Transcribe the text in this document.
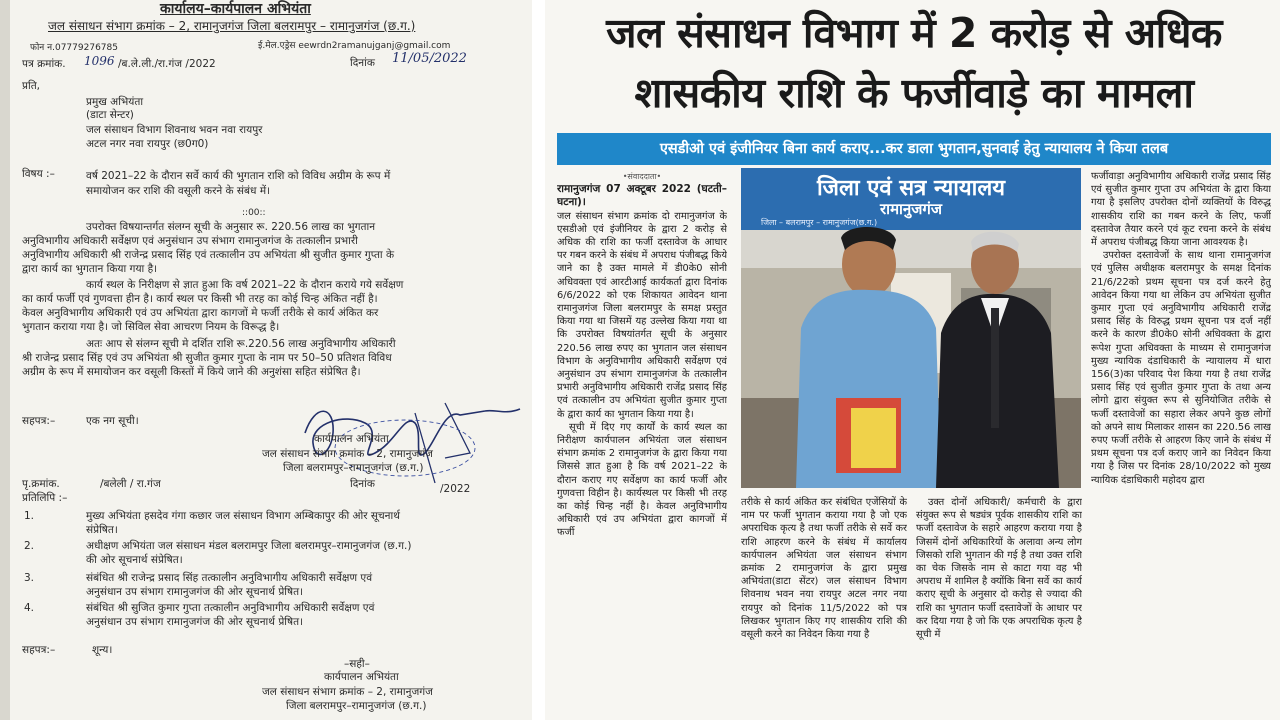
कार्यालय–कार्यपालन अभियंता
जल संसाधन संभाग क्रमांक – 2, रामानुजगंज जिला बलरामपुर – रामानुजगंज (छ.ग.)
फोन न.07779276785	ई.मेल.एड्रेस eewrdn2ramanujganj@gmail.com
पत्र क्रमांक. 1096 /ब.ले.ली./रा.गंज /2022	दिनांक 11/05/2022
प्रति,
प्रमुख अभियंता
(डाटा सेन्टर)
जल संसाधन विभाग शिवनाथ भवन नवा रायपुर
अटल नगर नवा रायपुर (छ0ग0)
विषय :–	वर्ष 2021–22 के दौरान सर्वे कार्य की भुगतान राशि को विविध अग्रीम के रूप में
समायोजन कर राशि की वसूली करने के संबंध में।
::00::
उपरोक्त विषयान्तर्गत संलग्न सूची के अनुसार रू. 220.56 लाख का भुगतान
अनुविभागीय अधिकारी सर्वेक्षण एवं अनुसंधान उप संभाग रामानुजगंज के तत्कालीन प्रभारी
अनुविभागीय अधिकारी श्री राजेन्द्र प्रसाद सिंह एवं तत्कालीन उप अभियंता श्री सुजीत कुमार गुप्ता के
द्वारा कार्य का भुगतान किया गया है।
कार्य स्थल के निरीक्षण से ज्ञात हुआ कि वर्ष 2021–22 के दौरान कराये गये सर्वेक्षण
का कार्य फर्जी एवं गुणवत्ता हीन है। कार्य स्थल पर किसी भी तरह का कोई चिन्ह अंकित नहीं है।
केवल अनुविभागीय अधिकारी एवं उप अभियंता द्वारा कागजों मे फर्जी तरीके से कार्य अंकित कर
भुगतान कराया गया है। जो सिविल सेवा आचरण नियम के विरूद्ध है।
अतः आप से संलग्न सूची मे दर्शित राशि रू.220.56 लाख अनुविभागीय अधिकारी
श्री राजेन्द्र प्रसाद सिंह एवं उप अभियंता श्री सुजीत कुमार गुप्ता के नाम पर 50–50 प्रतिशत विविध
अग्रीम के रूप में समायोजन कर वसूली किस्तों में किये जाने की अनुशंसा सहित संप्रेषित है।
सहपत्र:–	एक नग सूची।
कार्यपालन अभियंता
जल संसाधन संभाग क्रमांक – 2, रामानुजगंज
जिला बलरामपुर–रामानुजगंज (छ.ग.)
पृ.क्रमांक.	/बलेली / रा.गंज	दिनांक	/2022
प्रतिलिपि :–
1.	मुख्य अभियंता हसदेव गंगा कछार जल संसाधन विभाग अम्बिकापुर की ओर सूचनार्थ
संप्रेषित।
2.	अधीक्षण अभियंता जल संसाधन मंडल बलरामपुर जिला बलरामपुर–रामानुजगंज (छ.ग.)
की ओर सूचनार्थ संप्रेषित।
3.	संबंधित श्री राजेन्द्र प्रसाद सिंह तत्कालीन अनुविभागीय अधिकारी सर्वेक्षण एवं
अनुसंधान उप संभाग रामानुजगंज की ओर सूचनार्थ प्रेषित।
4.	संबंधित श्री सुजित कुमार गुप्ता तत्कालीन अनुविभागीय अधिकारी सर्वेक्षण एवं
अनुसंधान उप संभाग रामानुजगंज की ओर सूचनार्थ प्रेषित।
सहपत्र:–	शून्य।
–सही–
कार्यपालन अभियंता
जल संसाधन संभाग क्रमांक – 2, रामानुजगंज
जिला बलरामपुर–रामानुजगंज (छ.ग.)
जल संसाधन विभाग में 2 करोड़ से अधिक
शासकीय राशि के फर्जीवाड़े का मामला
एसडीओ एवं इंजीनियर बिना कार्य कराए...कर डाला भुगतान,सुनवाई हेतु न्यायालय ने किया तलब
•संवाददाता•
रामानुजगंज 07 अक्टूबर 2022 (घटती–घटना)।

जल संसाधन संभाग क्रमांक दो रामानुजगंज के एसडीओ एवं इंजीनियर के द्वारा 2 करोड़ से अधिक की राशि का फर्जी दस्तावेज के आधार पर गबन करने के संबंध में अपराध पंजीबद्ध किये जाने का है उक्त मामले में डी0के0 सोनी अधिवक्ता एवं आरटीआई कार्यकर्ता द्वारा दिनांक 6/6/2022 को एक शिकायत आवेदन थाना रामानुजगंज जिला बलरामपुर के समक्ष प्रस्तुत किया गया था जिसमें यह उल्लेख किया गया था कि उपरोक्त विषयांतर्गत सूची के अनुसार 220.56 लाख रुपए का भुगतान जल संसाधन विभाग के अनुविभागीय अधिकारी सर्वेक्षण एवं अनुसंधान उप संभाग रामानुजगंज के तत्कालीन प्रभारी अनुविभागीय अधिकारी राजेंद्र प्रसाद सिंह एवं तत्कालीन उप अभियंता सुजीत कुमार गुप्ता के द्वारा कार्य का भुगतान किया गया है।

सूची में दिए गए कार्यों के कार्य स्थल का निरीक्षण कार्यपालन अभियंता जल संसाधन संभाग क्रमांक 2 रामानुजगंज के द्वारा किया गया जिससे ज्ञात हुआ है कि वर्ष 2021–22 के दौरान कराए गए सर्वेक्षण का कार्य फर्जी और गुणवत्ता विहीन है। कार्यस्थल पर किसी भी तरह का कोई चिन्ह नहीं है। केवल अनुविभागीय अधिकारी एवं उप अभियंता द्वारा कागजों में फर्जी

जिला एवं सत्र न्यायालय
रामानुजगंज
जिला – बलरामपुर – रामानुजगंज(छ.ग.)

तरीके से कार्य अंकित कर संबंधित एजेंसियों के नाम पर फर्जी भुगतान कराया गया है जो एक अपराधिक कृत्य है तथा फर्जी तरीके से सर्वे कर राशि आहरण करने के संबंध में कार्यालय कार्यपालन अभियंता जल संसाधन संभाग क्रमांक 2 रामानुजगंज के द्वारा प्रमुख अभियंता(डाटा सेंटर) जल संसाधन विभाग शिवनाथ भवन नया रायपुर अटल नगर नया रायपुर को दिनांक 11/5/2022 को पत्र लिखकर भुगतान किए गए शासकीय राशि की वसूली करने का निवेदन किया गया है

उक्त दोनों अधिकारी/ कर्मचारी के द्वारा संयुक्त रूप से षड्यंत्र पूर्वक शासकीय राशि का फर्जी दस्तावेज के सहारे आहरण कराया गया है जिसमें दोनों अधिकारियों के अलावा अन्य लोग जिसको राशि भुगतान की गई है तथा उक्त राशि का चेक जिसके नाम से काटा गया वह भी अपराध में शामिल है क्योंकि बिना सर्वे का कार्य कराए सूची के अनुसार दो करोड़ से ज्यादा की राशि का भुगतान फर्जी दस्तावेजों के आधार पर कर दिया गया है जो कि एक अपराधिक कृत्य है सूची में

फर्जीवाड़ा अनुविभागीय अधिकारी राजेंद्र प्रसाद सिंह एवं सुजीत कुमार गुप्ता उप अभियंता के द्वारा किया गया है इसलिए उपरोक्त दोनों व्यक्तियों के विरुद्ध शासकीय राशि का गबन करने के लिए, फर्जी दस्तावेज तैयार करने एवं कूट रचना करने के संबंध में अपराध पंजीबद्ध किया जाना आवश्यक है।

उपरोक्त दस्तावेजों के साथ थाना रामानुजगंज एवं पुलिस अधीक्षक बलरामपुर के समक्ष दिनांक 21/6/22को प्रथम सूचना पत्र दर्ज करने हेतु आवेदन किया गया था लेकिन उप अभियंता सुजीत कुमार गुप्ता एवं अनुविभागीय अधिकारी राजेंद्र प्रसाद सिंह के विरुद्ध प्रथम सूचना पत्र दर्ज नहीं करने के कारण डी0के0 सोनी अधिवक्ता के द्वारा रूपेश गुप्ता अधिवक्ता के माध्यम से रामानुजगंज मुख्य न्यायिक दंडाधिकारी के न्यायालय में धारा 156(3)का परिवाद पेश किया गया है तथा राजेंद्र प्रसाद सिंह एवं सुजीत कुमार गुप्ता के तथा अन्य लोगो द्वारा संयुक्त रूप से सुनियोजित तरीके से फर्जी दस्तावेजों का सहारा लेकर अपने कुछ लोगों को अपने साथ मिलाकर शासन का 220.56 लाख रुपए फर्जी तरीके से आहरण किए जाने के संबंध में प्रथम सूचना पत्र दर्ज कराए जाने का निवेदन किया गया है जिस पर दिनांक 28/10/2022 को मुख्य न्यायिक दंडाधिकारी महोदय द्वारा
